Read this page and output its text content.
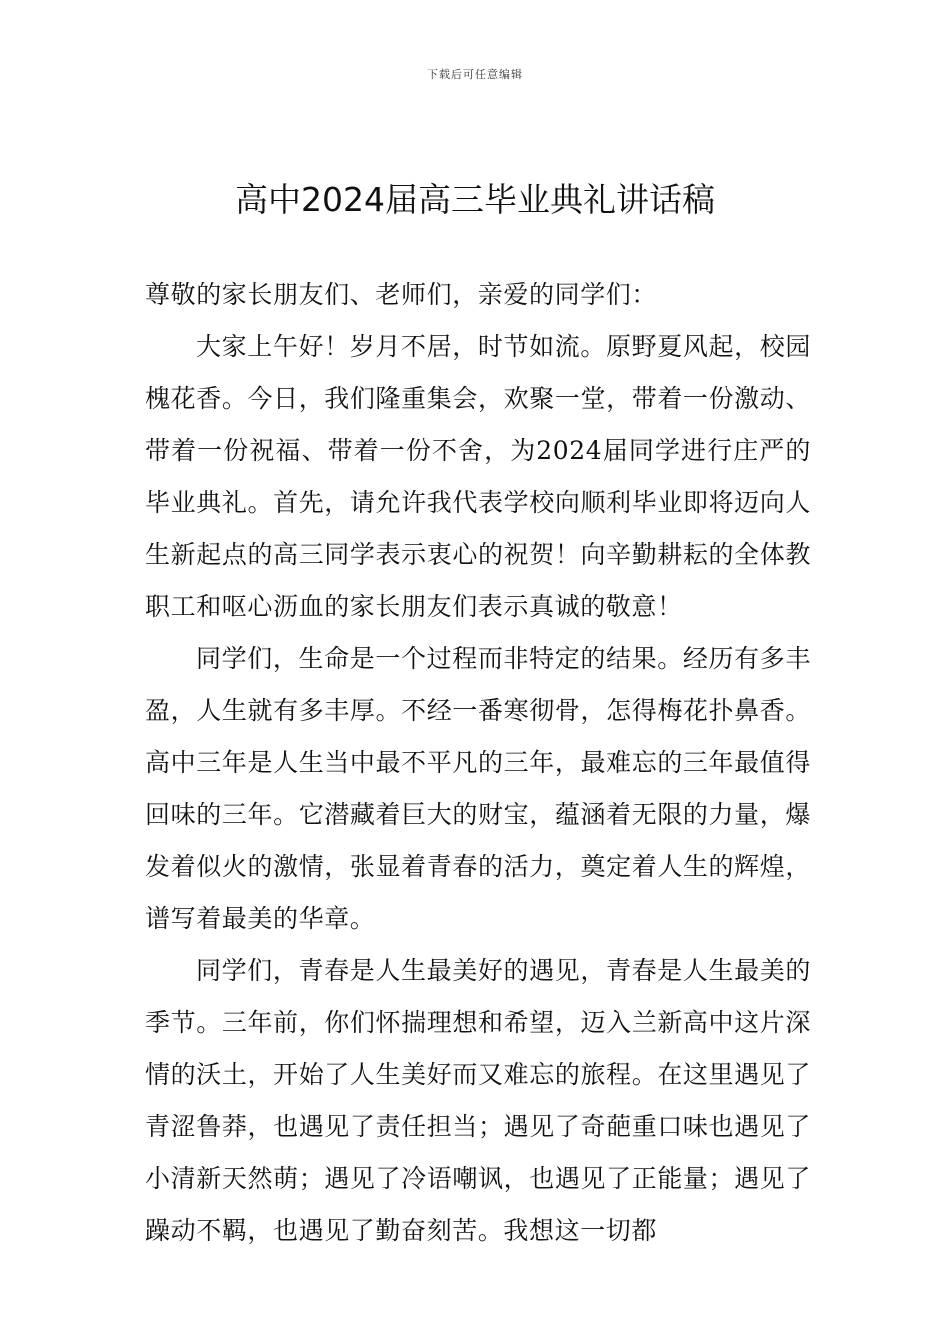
下载后可任意编辑
高中2024届高三毕业典礼讲话稿

尊敬的家长朋友们、老师们，亲爱的同学们：

大家上午好！岁月不居，时节如流。原野夏风起，校园槐花香。今日，我们隆重集会，欢聚一堂，带着一份激动、带着一份祝福、带着一份不舍，为2024届同学进行庄严的毕业典礼。首先，请允许我代表学校向顺利毕业即将迈向人生新起点的高三同学表示衷心的祝贺！向辛勤耕耘的全体教职工和呕心沥血的家长朋友们表示真诚的敬意！

同学们，生命是一个过程而非特定的结果。经历有多丰盈，人生就有多丰厚。不经一番寒彻骨，怎得梅花扑鼻香。高中三年是人生当中最不平凡的三年，最难忘的三年最值得回味的三年。它潜藏着巨大的财宝，蕴涵着无限的力量，爆发着似火的激情，张显着青春的活力，奠定着人生的辉煌，谱写着最美的华章。

同学们，青春是人生最美好的遇见，青春是人生最美的季节。三年前，你们怀揣理想和希望，迈入兰新高中这片深情的沃土，开始了人生美好而又难忘的旅程。在这里遇见了青涩鲁莽，也遇见了责任担当；遇见了奇葩重口味也遇见了小清新天然萌；遇见了冷语嘲讽，也遇见了正能量；遇见了躁动不羁，也遇见了勤奋刻苦。我想这一切都
